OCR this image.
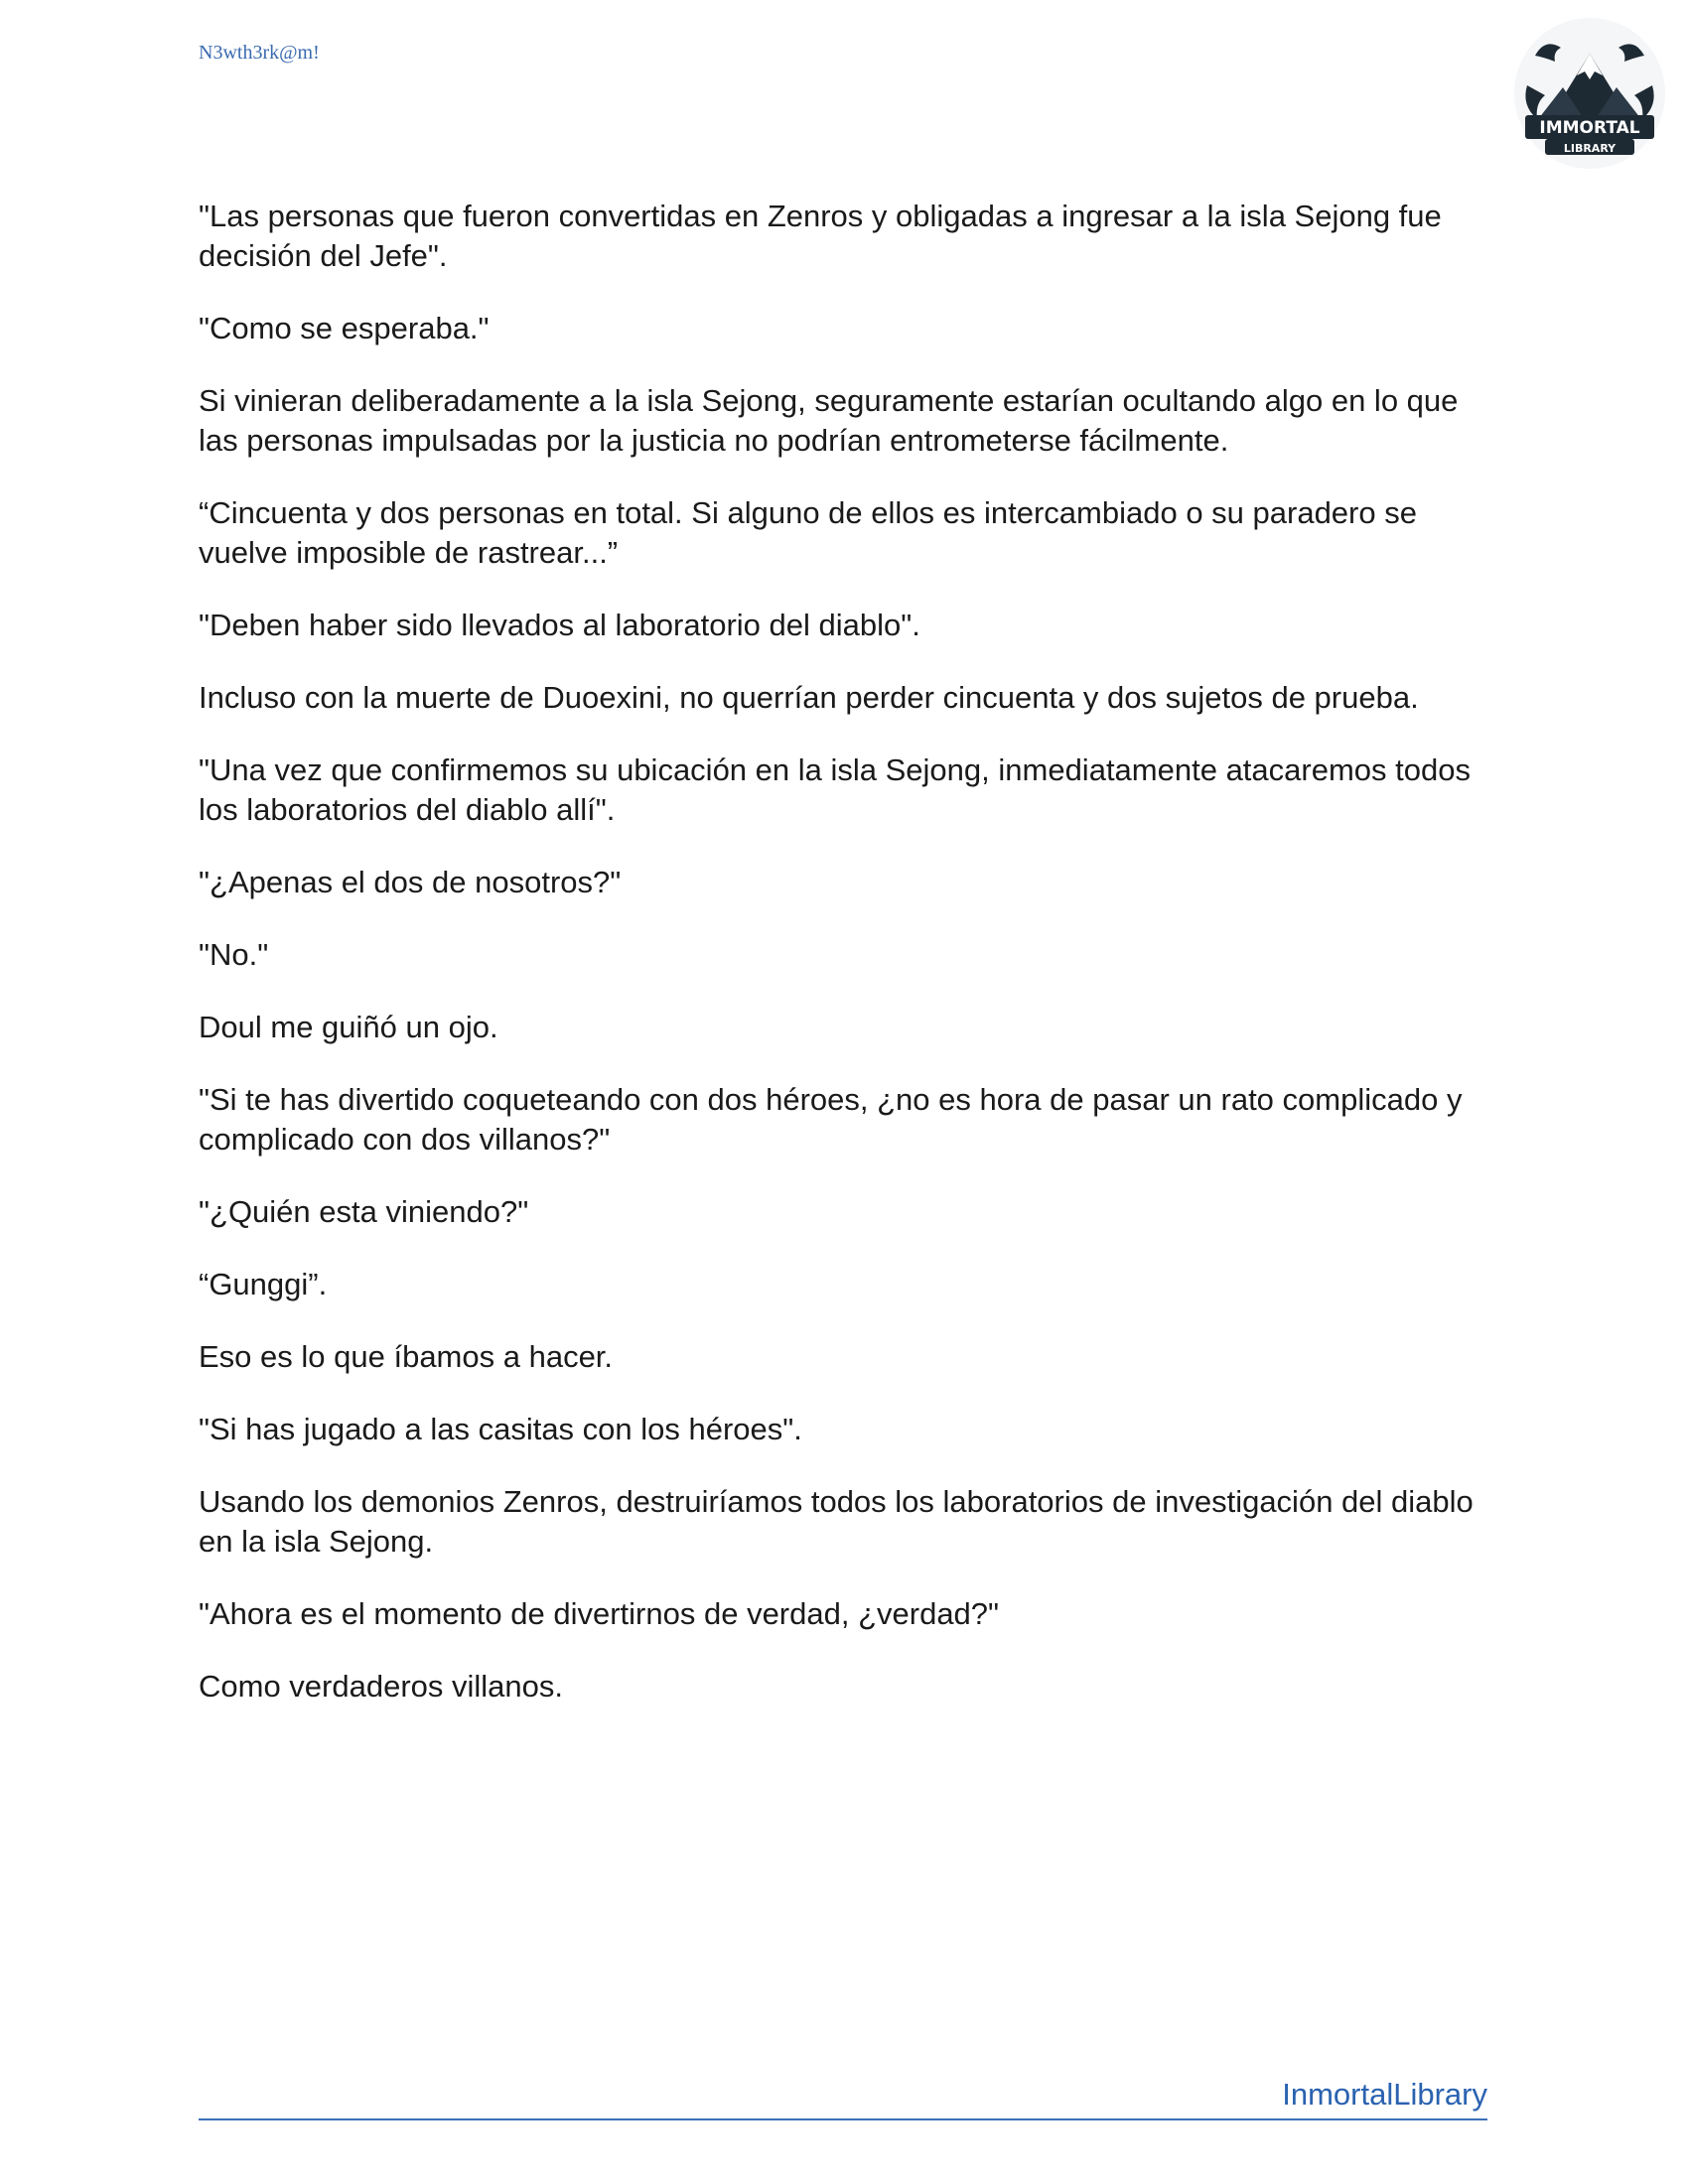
N3wth3rk@m!
IMMORTAL
LIBRARY

"Las personas que fueron convertidas en Zenros y obligadas a ingresar a la isla Sejong fue decisión del Jefe".

"Como se esperaba."

Si vinieran deliberadamente a la isla Sejong, seguramente estarían ocultando algo en lo que las personas impulsadas por la justicia no podrían entrometerse fácilmente.

“Cincuenta y dos personas en total. Si alguno de ellos es intercambiado o su paradero se vuelve imposible de rastrear...”

"Deben haber sido llevados al laboratorio del diablo".

Incluso con la muerte de Duoexini, no querrían perder cincuenta y dos sujetos de prueba.

"Una vez que confirmemos su ubicación en la isla Sejong, inmediatamente atacaremos todos los laboratorios del diablo allí".

"¿Apenas el dos de nosotros?"

"No."

Doul me guiñó un ojo.

"Si te has divertido coqueteando con dos héroes, ¿no es hora de pasar un rato complicado y complicado con dos villanos?"

"¿Quién esta viniendo?"

“Gunggi”.

Eso es lo que íbamos a hacer.

"Si has jugado a las casitas con los héroes".

Usando los demonios Zenros, destruiríamos todos los laboratorios de investigación del diablo en la isla Sejong.

"Ahora es el momento de divertirnos de verdad, ¿verdad?"

Como verdaderos villanos.

InmortalLibrary
